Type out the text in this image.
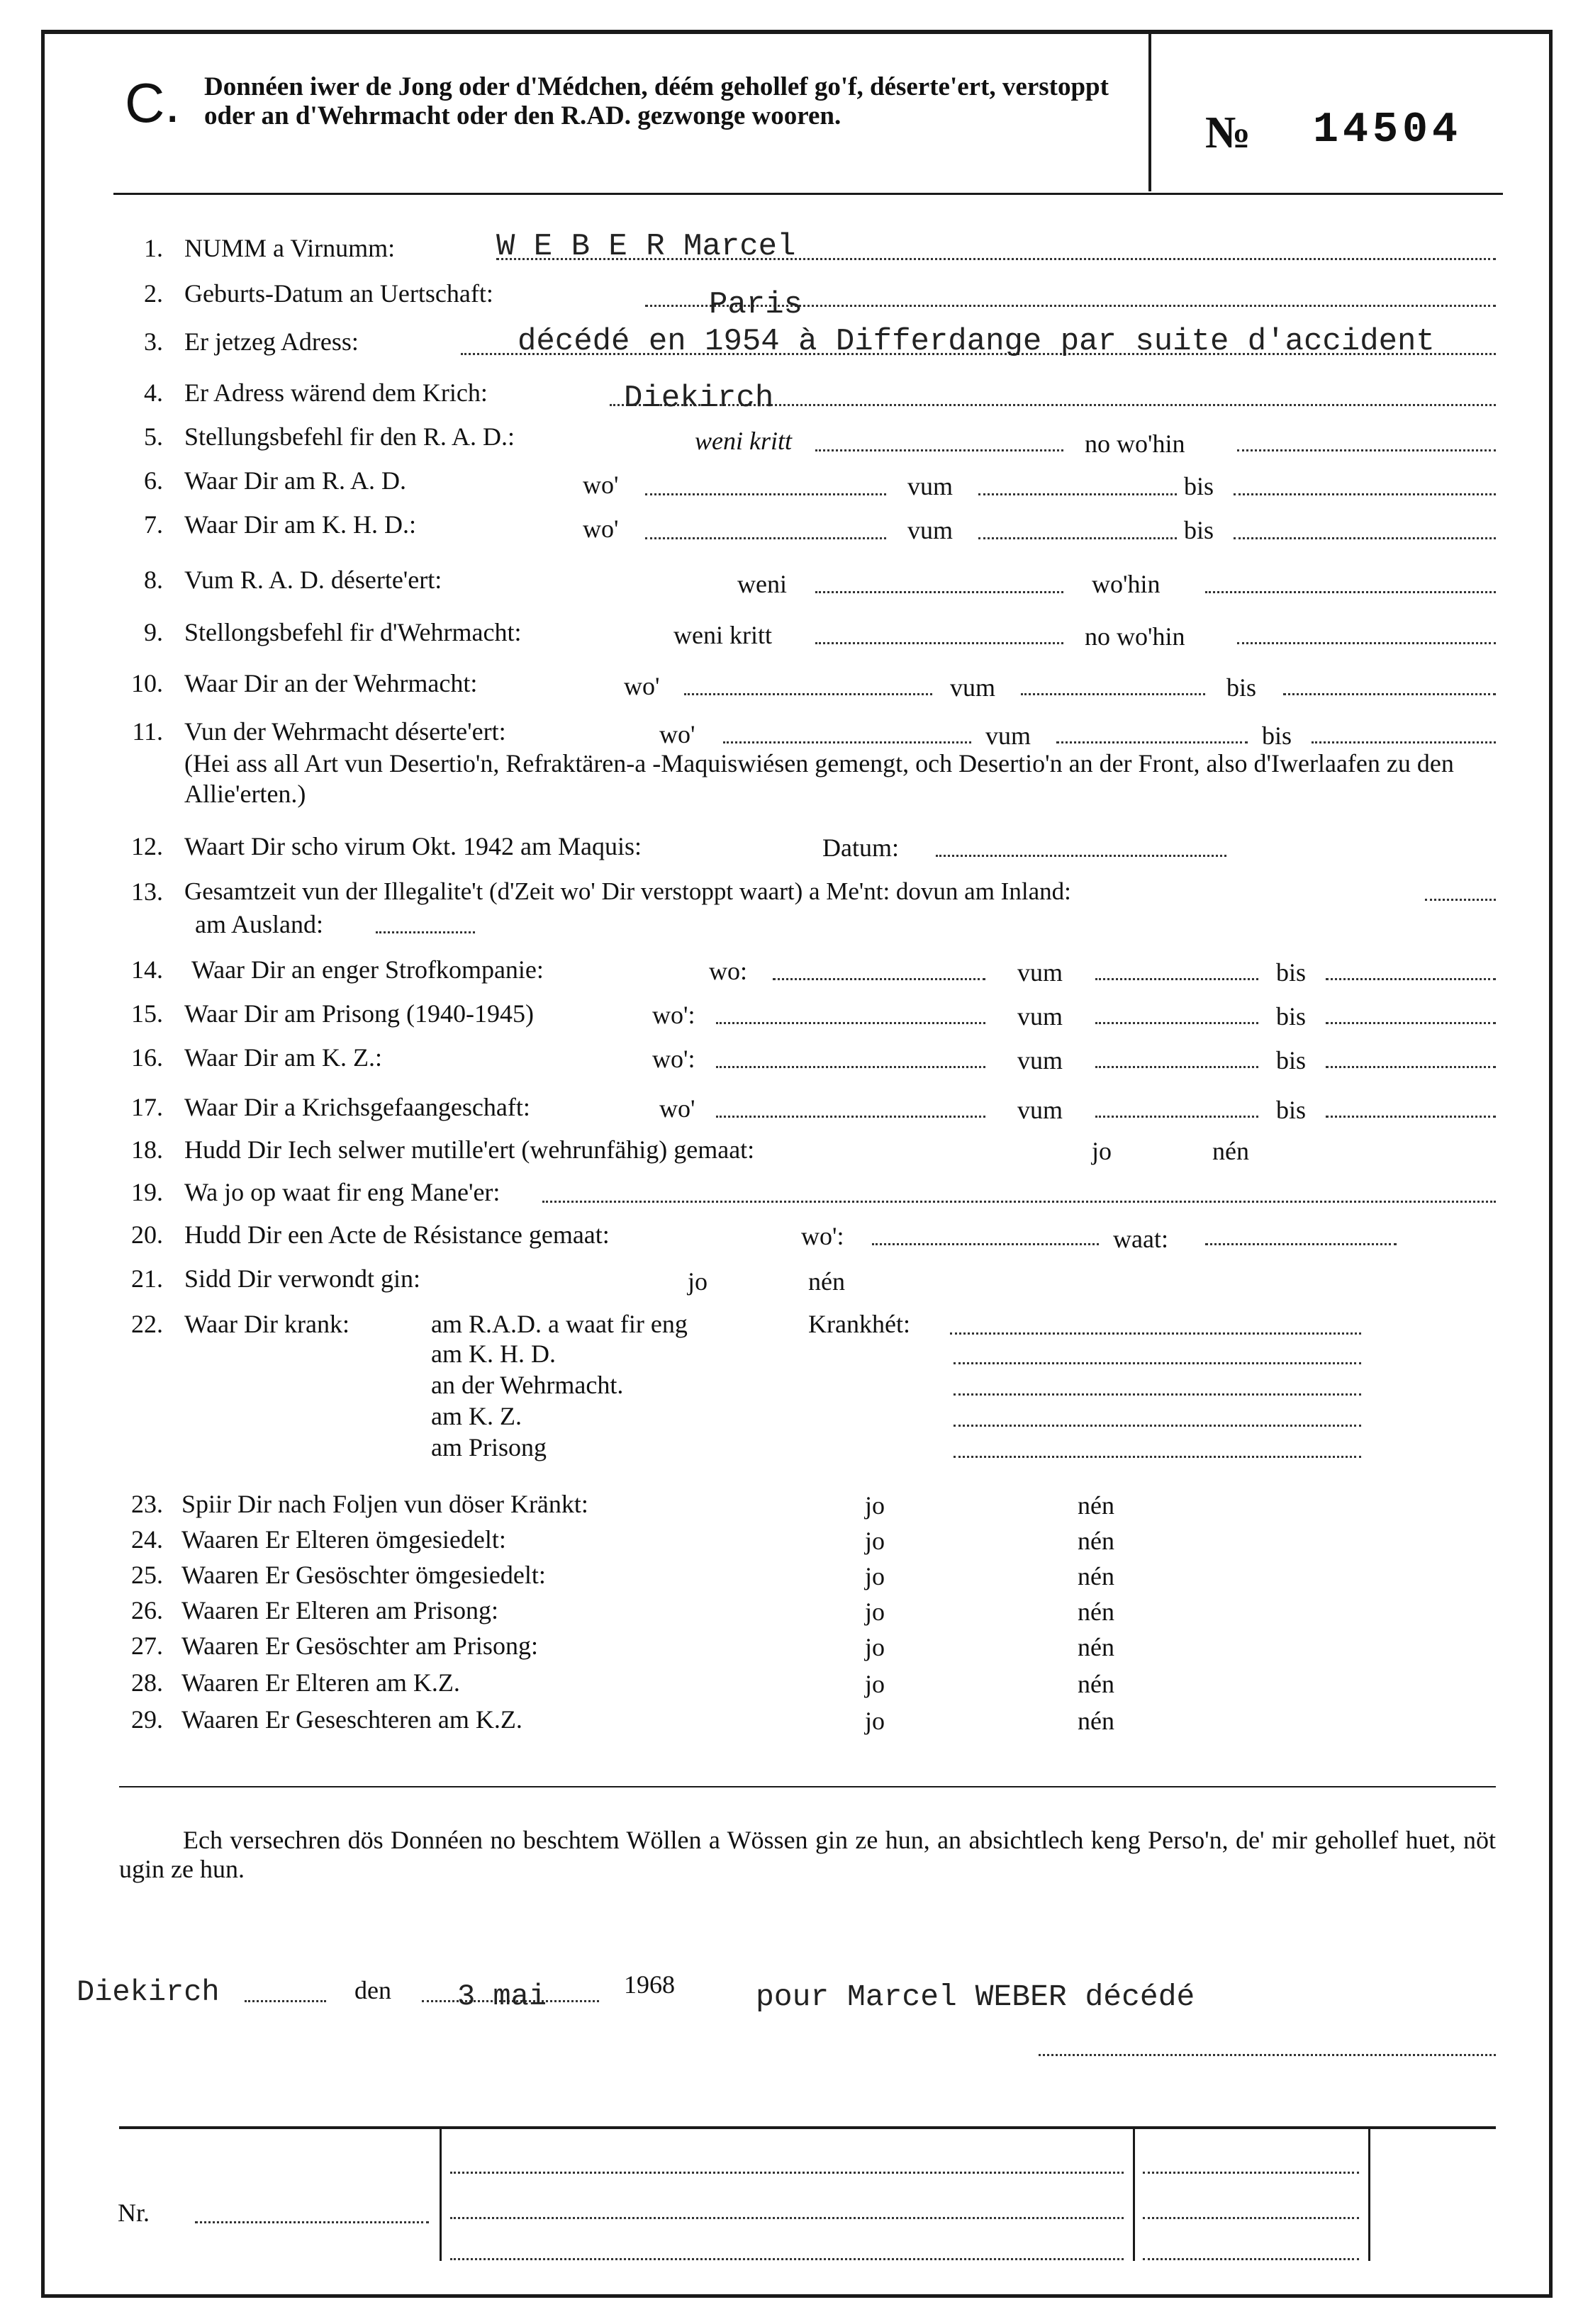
C. Donnéen iwer de Jong oder d'Médchen, déém gehollef go'f, déserte'ert, verstoppt oder an d'Wehrmacht oder den R.AD. gezwonge wooren.	№ 14504
1. NUMM a Virnumm:	W E B E R Marcel
2. Geburts-Datum an Uertschaft:	Paris
3. Er jetzeg Adress:	décédé en 1954 à Differdange par suite d'accident
4. Er Adress wärend dem Krich:	Diekirch
5. Stellungsbefehl fir den R. A. D.:	weni kritt	no wo'hin
6. Waar Dir am R. A. D.	wo'	vum	bis
7. Waar Dir am K. H. D.:	wo'	vum	bis
8. Vum R. A. D. déserte'ert:	weni	wo'hin
9. Stellongsbefehl fir d'Wehrmacht:	weni kritt	no wo'hin
10. Waar Dir an der Wehrmacht:	wo'	vum	bis
11. Vun der Wehrmacht déserte'ert:	wo'	vum	bis
(Hei ass all Art vun Desertio'n, Refraktären-a -Maquiswiésen gemengt, och Desertio'n an der Front, also d'Iwerlaafen zu den Allie'erten.)
12. Waart Dir scho virum Okt. 1942 am Maquis:	Datum:
13. Gesamtzeit vun der Illegalite't (d'Zeit wo' Dir verstoppt waart) a Me'nt: dovun am Inland:
am Ausland:
14. Waar Dir an enger Strofkompanie:	wo:	vum	bis
15. Waar Dir am Prisong (1940-1945)	wo':	vum	bis
16. Waar Dir am K. Z.:	wo':	vum	bis
17. Waar Dir a Krichsgefaangeschaft:	wo'	vum	bis
18. Hudd Dir Iech selwer mutille'ert (wehrunfähig) gemaat:	jo	nén
19. Wa jo op waat fir eng Mane'er:
20. Hudd Dir een Acte de Résistance gemaat:	wo':	waat:
21. Sidd Dir verwondt gin:	jo	nén
22. Waar Dir krank:	am R.A.D. a waat fir eng	Krankhét:
am K. H. D.
an der Wehrmacht.
am K. Z.
am Prisong
23. Spiir Dir nach Foljen vun döser Kränkt:	jo	nén
24. Waaren Er Elteren ömgesiedelt:	jo	nén
25. Waaren Er Gesöschter ömgesiedelt:	jo	nén
26. Waaren Er Elteren am Prisong:	jo	nén
27. Waaren Er Gesöschter am Prisong:	jo	nén
28. Waaren Er Elteren am K.Z.	jo	nén
29. Waaren Er Geseschteren am K.Z.	jo	nén
Ech versechren dös Donnéen no beschtem Wöllen a Wössen gin ze hun, an absichtlech keng Perso'n, de' mir gehollef huet, nöt ugin ze hun.
Diekirch	den 3 mai	1968	pour Marcel WEBER décédé
Nr.
